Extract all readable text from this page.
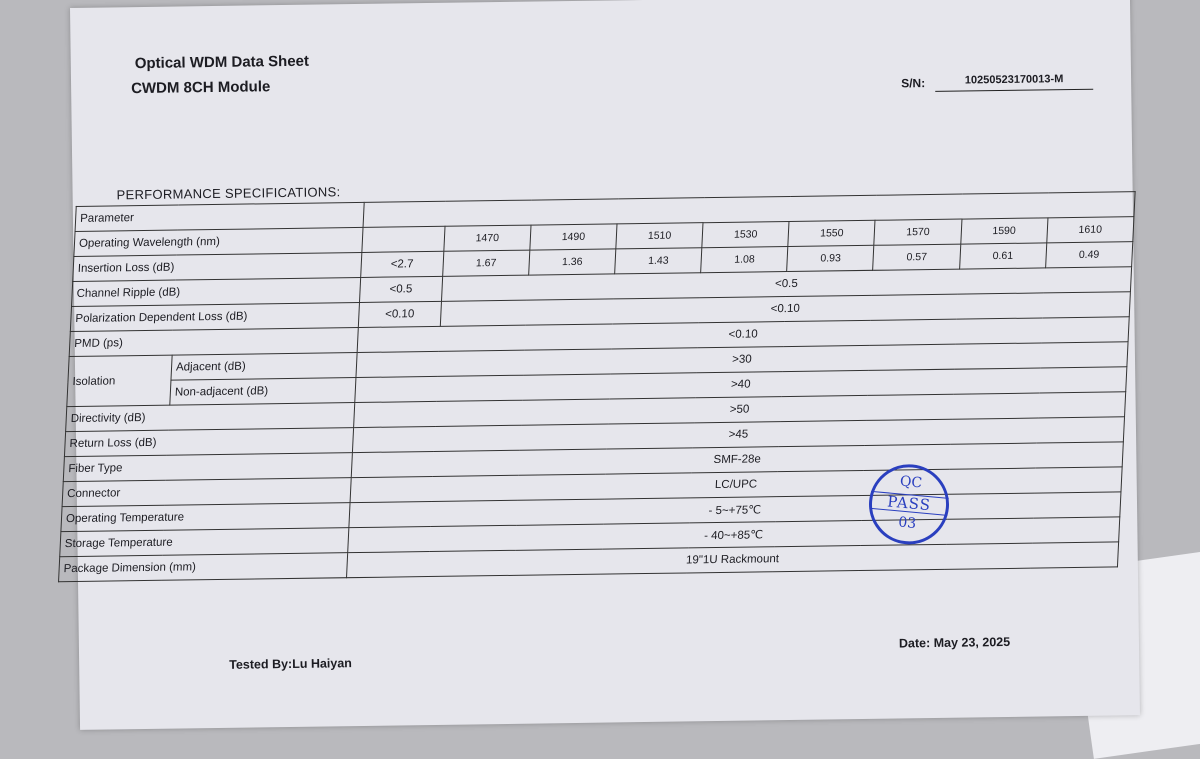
Optical WDM Data Sheet
CWDM 8CH Module	S/N:	10250523170013-M
PERFORMANCE SPECIFICATIONS:
Parameter										
Operating Wavelength (nm)			1470	1490	1510	1530	1550	1570	1590	1610
Insertion Loss (dB)		<2.7	1.67	1.36	1.43	1.08	0.93	0.57	0.61	0.49
Channel Ripple (dB)		<0.5	<0.5							
Polarization Dependent Loss (dB)		<0.10	<0.10							
PMD (ps)		<0.10								
Isolation	Adjacent (dB)	>30								
	Non-adjacent (dB)	>40								
Directivity (dB)		>50								
Return Loss (dB)		>45								
Fiber Type		SMF-28e								
Connector		LC/UPC								
Operating Temperature		- 5~+75℃								
Storage Temperature		- 40~+85℃								
Package Dimension (mm)		19"1U Rackmount								
QC
PASS
03
Tested By:Lu Haiyan
Date: May 23, 2025
